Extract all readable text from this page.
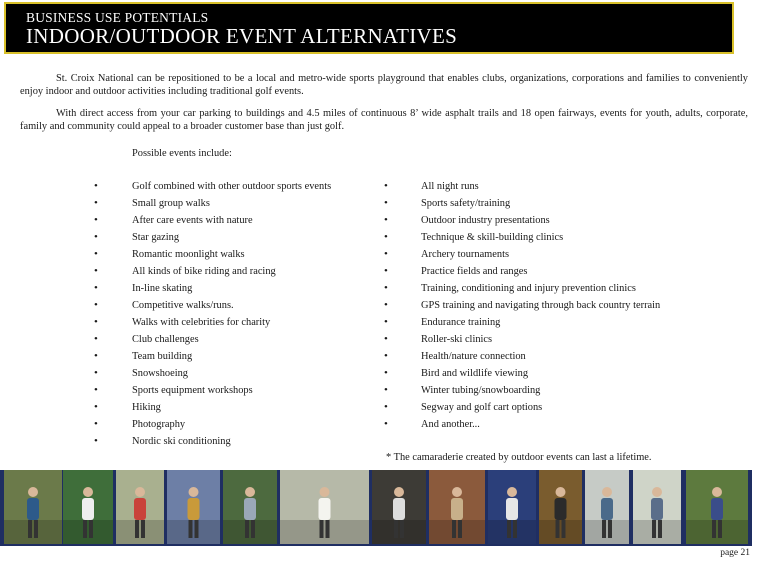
BUSINESS USE POTENTIALS
INDOOR/OUTDOOR EVENT ALTERNATIVES

St. Croix National can be repositioned to be a local and metro-wide sports playground that enables clubs, organizations, corporations and families to conveniently enjoy indoor and outdoor activities including traditional golf events.

With direct access from your car parking to buildings and 4.5 miles of continuous 8’ wide asphalt trails and 18 open fairways, events for youth, adults, corporate, family and community could appeal to a broader customer base than just golf.

Possible events include:
•	Golf combined with other outdoor sports events
•	Small group walks
•	After care events with nature
•	Star gazing
•	Romantic moonlight walks
•	All kinds of bike riding and racing
•	In-line skating
•	Competitive walks/runs.
•	Walks with celebrities for charity
•	Club challenges
•	Team building
•	Snowshoeing
•	Sports equipment workshops
•	Hiking
•	Photography
•	Nordic ski conditioning
•	All night runs
•	Sports safety/training
•	Outdoor industry presentations
•	Technique & skill-building clinics
•	Archery tournaments
•	Practice fields and ranges
•	Training, conditioning and injury prevention clinics
•	GPS training and navigating through back country terrain
•	Endurance training
•	Roller-ski clinics
•	Health/nature connection
•	Bird and wildlife viewing
•	Winter tubing/snowboarding
•	Segway and golf cart options
•	And another...
* The camaraderie created by outdoor events can last a lifetime.
page 21
